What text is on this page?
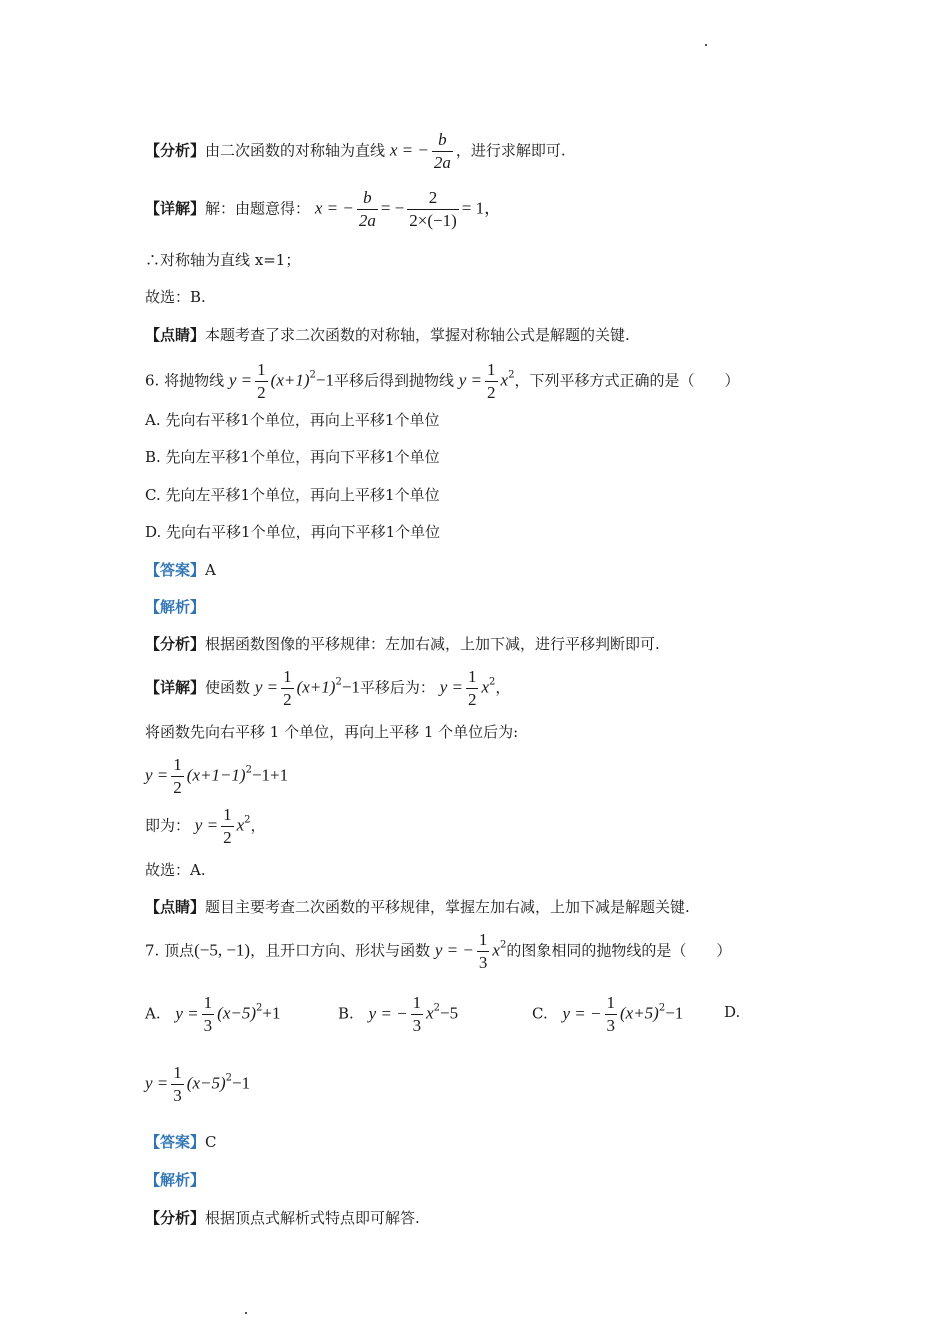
【分析】由二次函数的对称轴为直线 x = − $\frac{b}{2a}$ ，进行求解即可.
【详解】解：由题意得： x = − $\frac{b}{2a}$ = − $\frac{2}{2\times(-1)} = 1$，
∴对称轴为直线 x=1；
故选：B.
【点睛】本题考查了求二次函数的对称轴，掌握对称轴公式是解题的关键.
6. 将抛物线 $y = \frac{1}{2} (x+1)^2-1$平移后得到抛物线 $y = \frac{1}{2} x^2$，下列平移方式正确的是（　　）
A. 先向右平移1个单位，再向上平移1个单位
B. 先向左平移1个单位，再向下平移1个单位
C. 先向左平移1个单位，再向上平移1个单位
D. 先向右平移1个单位，再向下平移1个单位
【答案】A
【解析】
【分析】根据函数图像的平移规律：左加右减，上加下减，进行平移判断即可.
【详解】使函数 $y = \frac{1}{2} (x+1)^2-1$平移后为： $y = \frac{1}{2} x^2$，
将函数先向右平移 1 个单位，再向上平移 1 个单位后为:
$y = \frac{1}{2} (x+1-1)^2-1+1$
即为： $y = \frac{1}{2} x^2$，
故选：A.
【点睛】题目主要考查二次函数的平移规律，掌握左加右减，上加下减是解题关键.
7. 顶点(−5, −1)，且开口方向、形状与函数 y = − $\frac{1}{3} x^2$的图象相同的抛物线的是（　　）
A. $y = \frac{1}{3} (x-5)^2+1$	B. y = − $\frac{1}{3} x^2-5$	C. y = − $\frac{1}{3} (x+5)^2-1$	D.
$y = \frac{1}{3} (x-5)^2-1$
【答案】C
【解析】
【分析】根据顶点式解析式特点即可解答.
